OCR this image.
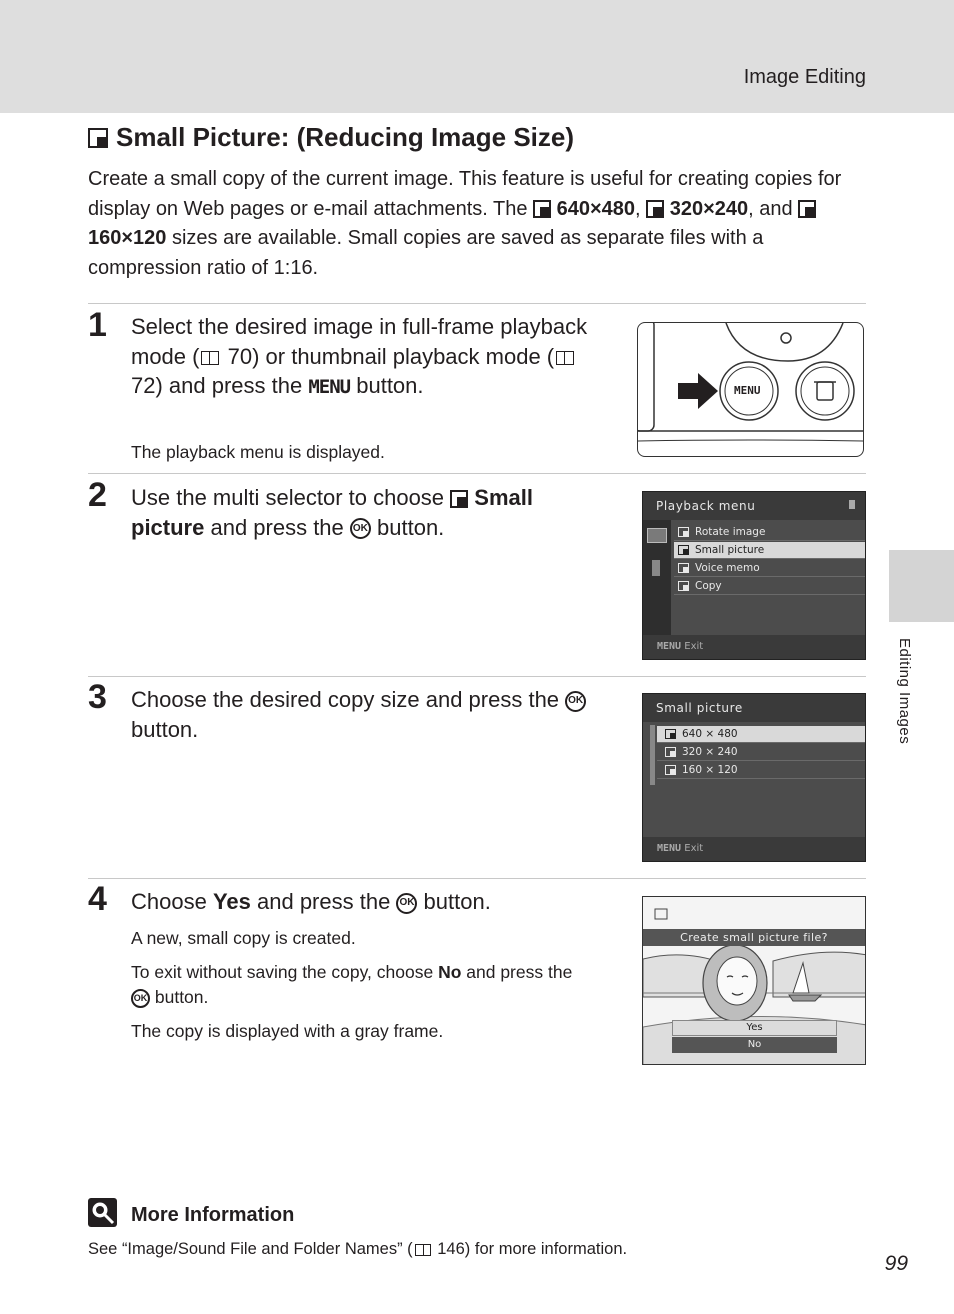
Image Editing
Editing Images
Small Picture: (Reducing Image Size)
Create a small copy of the current image. This feature is useful for creating copies for display on Web pages or e-mail attachments. The  640×480,  320×240, and  160×120 sizes are available. Small copies are saved as separate files with a compression ratio of 1:16.
1 Select the desired image in full-frame playback mode ( 70) or thumbnail playback mode ( 72) and press the MENU button.
The playback menu is displayed.
MENU
2 Use the multi selector to choose  Small picture and press the OK button.
Playback menu
Rotate image
Small picture
Voice memo
Copy
MENU Exit
3 Choose the desired copy size and press the OK button.
Small picture
640 × 480
320 × 240
160 × 120
MENU Exit
4 Choose Yes and press the OK button.
A new, small copy is created.
To exit without saving the copy, choose No and press the
OK button.
The copy is displayed with a gray frame.
Create small picture file?
Yes
No
More Information
See “Image/Sound File and Folder Names” ( 146) for more information.
99
